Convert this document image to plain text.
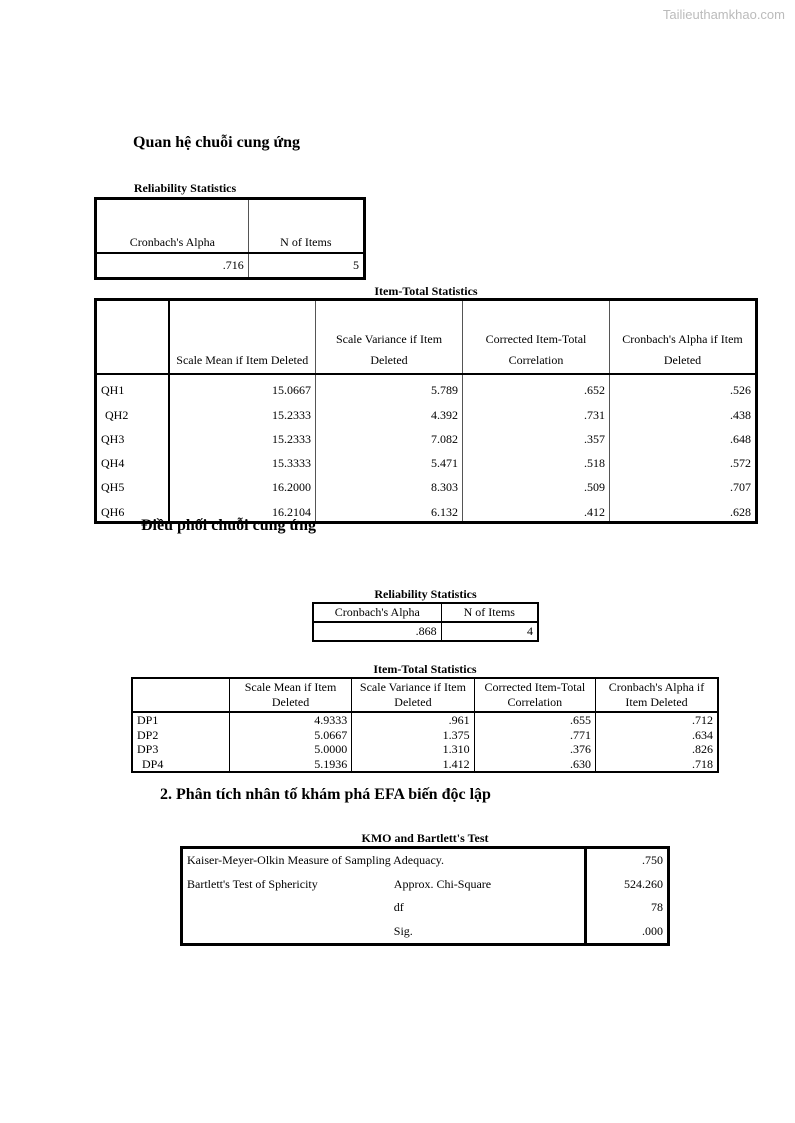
Tailieuthamkhao.com
Quan hệ chuỗi cung ứng
Reliability Statistics
Cronbach's Alpha	N of Items
.716	5
Item-Total Statistics
	Scale Mean if Item Deleted	Scale Variance if Item Deleted	Corrected Item-Total Correlation	Cronbach's Alpha if Item Deleted
QH1	15.0667	5.789	.652	.526
QH2	15.2333	4.392	.731	.438
QH3	15.2333	7.082	.357	.648
QH4	15.3333	5.471	.518	.572
QH5	16.2000	8.303	.509	.707
QH6	16.2104	6.132	.412	.628
Điều phối chuỗi cung ứng
Reliability Statistics
Cronbach's Alpha	N of Items
.868	4
Item-Total Statistics
	Scale Mean if Item Deleted	Scale Variance if Item Deleted	Corrected Item-Total Correlation	Cronbach's Alpha if Item Deleted
DP1	4.9333	.961	.655	.712
DP2	5.0667	1.375	.771	.634
DP3	5.0000	1.310	.376	.826
DP4	5.1936	1.412	.630	.718
2. Phân tích nhân tố khám phá EFA biến độc lập
KMO and Bartlett's Test
Kaiser-Meyer-Olkin Measure of Sampling Adequacy.		.750
Bartlett's Test of Sphericity	Approx. Chi-Square	524.260
	df	78
	Sig.	.000
